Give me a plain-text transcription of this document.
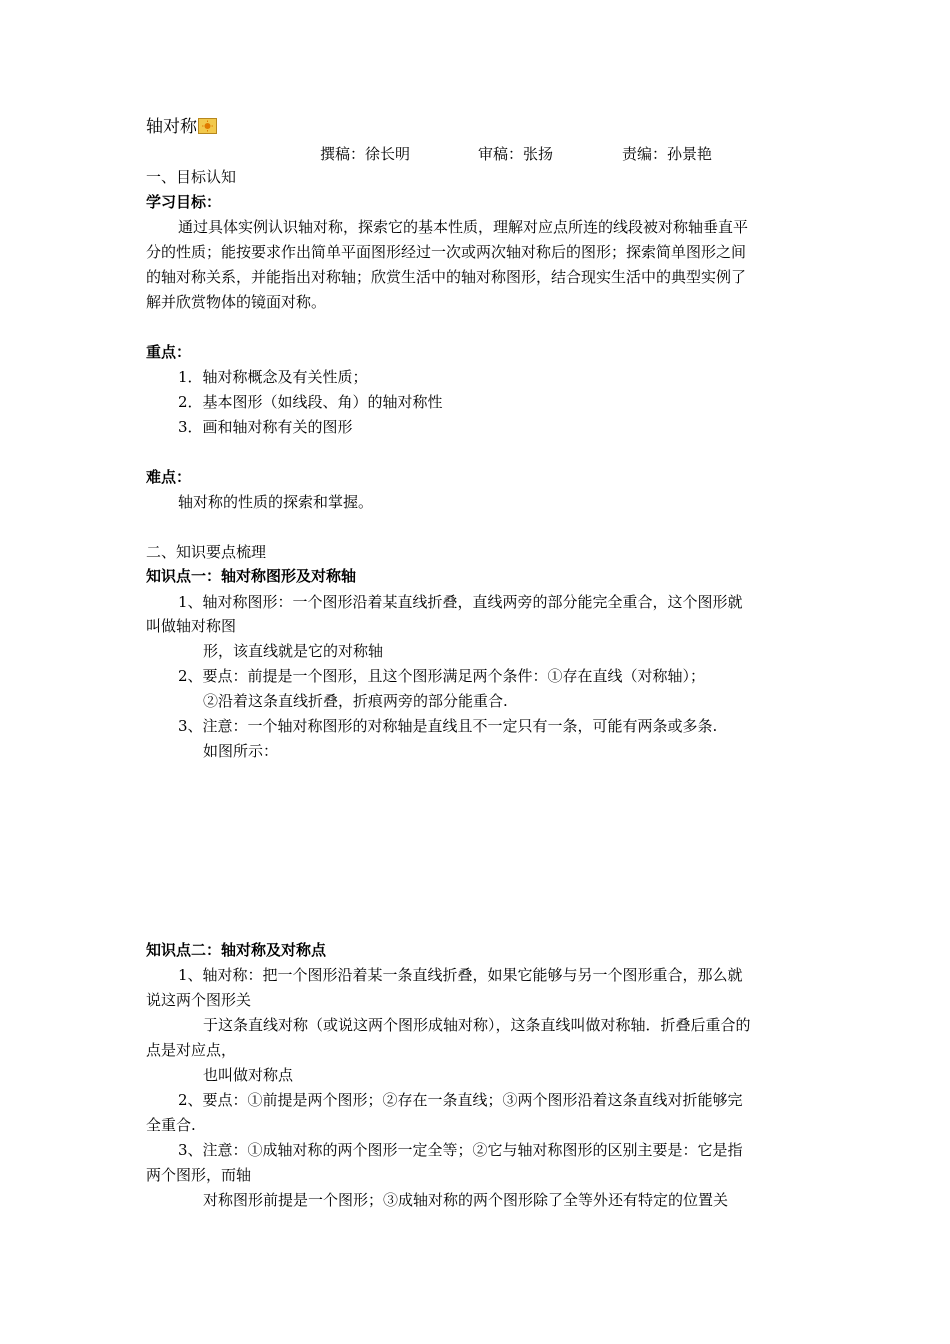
轴对称
撰稿：徐长明	审稿：张扬	责编：孙景艳
一、目标认知
学习目标：
通过具体实例认识轴对称，探索它的基本性质，理解对应点所连的线段被对称轴垂直平
分的性质；能按要求作出简单平面图形经过一次或两次轴对称后的图形；探索简单图形之间
的轴对称关系，并能指出对称轴；欣赏生活中的轴对称图形，结合现实生活中的典型实例了
解并欣赏物体的镜面对称。
重点：
1．轴对称概念及有关性质；
2．基本图形（如线段、角）的轴对称性
3．画和轴对称有关的图形
难点：
轴对称的性质的探索和掌握。
二、知识要点梳理
知识点一：轴对称图形及对称轴
1、轴对称图形：一个图形沿着某直线折叠，直线两旁的部分能完全重合，这个图形就
叫做轴对称图
形，该直线就是它的对称轴
2、要点：前提是一个图形，且这个图形满足两个条件：①存在直线（对称轴）；
②沿着这条直线折叠，折痕两旁的部分能重合.
3、注意：一个轴对称图形的对称轴是直线且不一定只有一条，可能有两条或多条.
如图所示：
知识点二：轴对称及对称点
1、轴对称：把一个图形沿着某一条直线折叠，如果它能够与另一个图形重合，那么就
说这两个图形关
于这条直线对称（或说这两个图形成轴对称），这条直线叫做对称轴．折叠后重合的
点是对应点，
也叫做对称点
2、要点：①前提是两个图形；②存在一条直线；③两个图形沿着这条直线对折能够完
全重合.
3、注意：①成轴对称的两个图形一定全等；②它与轴对称图形的区别主要是：它是指
两个图形，而轴
对称图形前提是一个图形；③成轴对称的两个图形除了全等外还有特定的位置关
